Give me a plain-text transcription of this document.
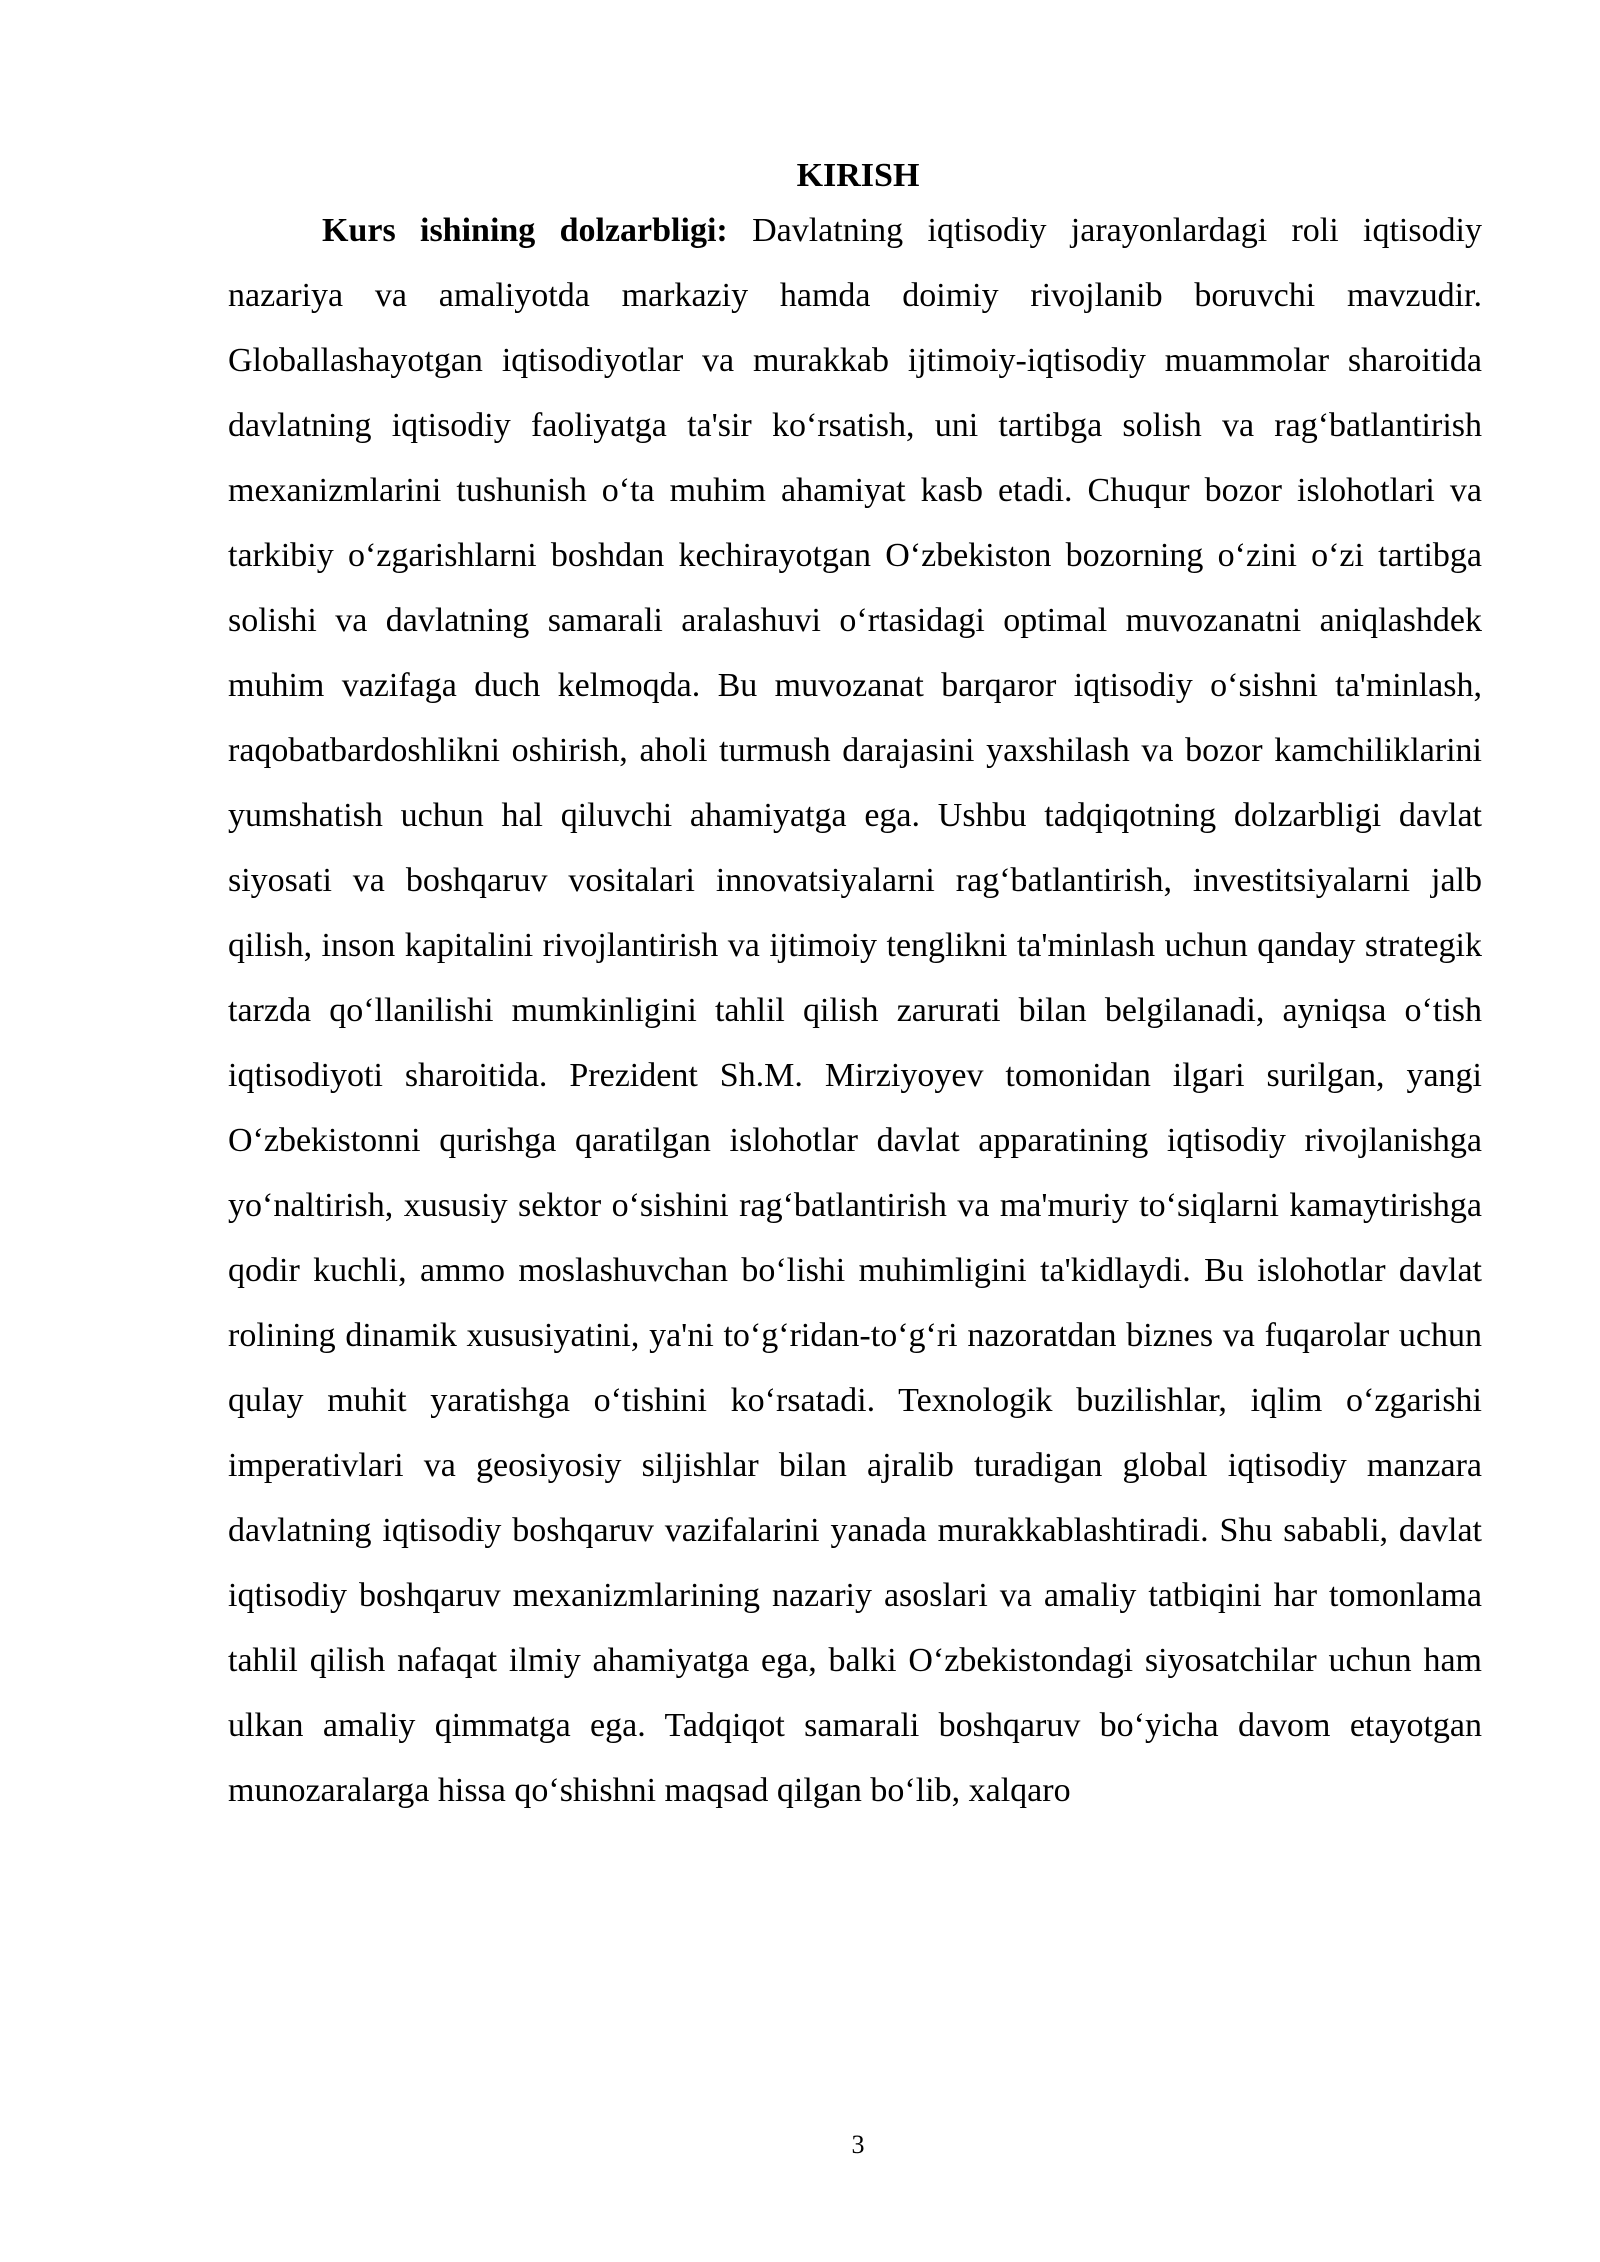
KIRISH

Kurs ishining dolzarbligi: Davlatning iqtisodiy jarayonlardagi roli iqtisodiy nazariya va amaliyotda markaziy hamda doimiy rivojlanib boruvchi mavzudir. Globallashayotgan iqtisodiyotlar va murakkab ijtimoiy-iqtisodiy muammolar sharoitida davlatning iqtisodiy faoliyatga ta'sir koʻrsatish, uni tartibga solish va ragʻbatlantirish mexanizmlarini tushunish oʻta muhim ahamiyat kasb etadi. Chuqur bozor islohotlari va tarkibiy oʻzgarishlarni boshdan kechirayotgan Oʻzbekiston bozorning oʻzini oʻzi tartibga solishi va davlatning samarali aralashuvi oʻrtasidagi optimal muvozanatni aniqlashdek muhim vazifaga duch kelmoqda. Bu muvozanat barqaror iqtisodiy oʻsishni ta'minlash, raqobatbardoshlikni oshirish, aholi turmush darajasini yaxshilash va bozor kamchiliklarini yumshatish uchun hal qiluvchi ahamiyatga ega. Ushbu tadqiqotning dolzarbligi davlat siyosati va boshqaruv vositalari innovatsiyalarni ragʻbatlantirish, investitsiyalarni jalb qilish, inson kapitalini rivojlantirish va ijtimoiy tenglikni ta'minlash uchun qanday strategik tarzda qoʻllanilishi mumkinligini tahlil qilish zarurati bilan belgilanadi, ayniqsa oʻtish iqtisodiyoti sharoitida. Prezident Sh.M. Mirziyoyev tomonidan ilgari surilgan, yangi Oʻzbekistonni qurishga qaratilgan islohotlar davlat apparatining iqtisodiy rivojlanishga yoʻnaltirish, xususiy sektor oʻsishini ragʻbatlantirish va ma'muriy toʻsiqlarni kamaytirishga qodir kuchli, ammo moslashuvchan boʻlishi muhimligini ta'kidlaydi. Bu islohotlar davlat rolining dinamik xususiyatini, ya'ni toʻgʻridan-toʻgʻri nazoratdan biznes va fuqarolar uchun qulay muhit yaratishga oʻtishini koʻrsatadi. Texnologik buzilishlar, iqlim oʻzgarishi imperativlari va geosiyosiy siljishlar bilan ajralib turadigan global iqtisodiy manzara davlatning iqtisodiy boshqaruv vazifalarini yanada murakkablashtiradi. Shu sababli, davlat iqtisodiy boshqaruv mexanizmlarining nazariy asoslari va amaliy tatbiqini har tomonlama tahlil qilish nafaqat ilmiy ahamiyatga ega, balki Oʻzbekistondagi siyosatchilar uchun ham ulkan amaliy qimmatga ega. Tadqiqot samarali boshqaruv boʻyicha davom etayotgan munozaralarga hissa qoʻshishni maqsad qilgan boʻlib, xalqaro

3
